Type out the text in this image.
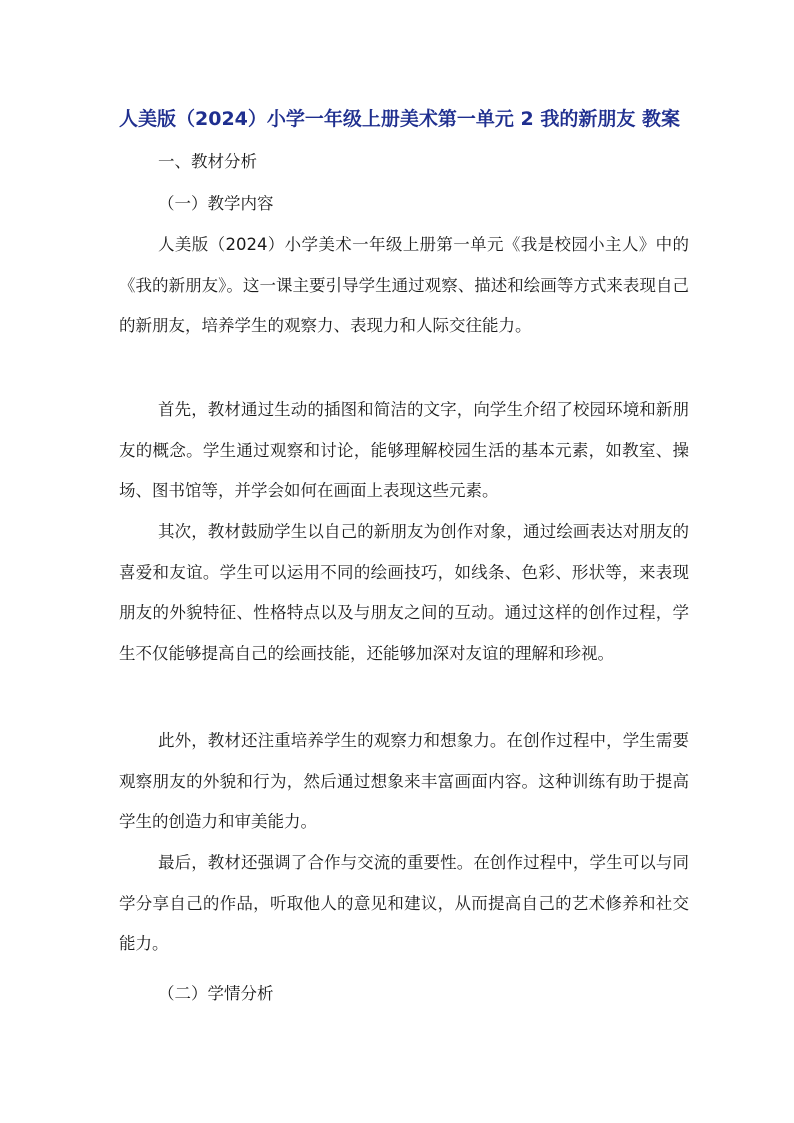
人美版（2024）小学一年级上册美术第一单元 2 我的新朋友 教案
一、教材分析
（一）教学内容

人美版（2024）小学美术一年级上册第一单元《我是校园小主人》中的《我的新朋友》。这一课主要引导学生通过观察、描述和绘画等方式来表现自己的新朋友，培养学生的观察力、表现力和人际交往能力。

首先，教材通过生动的插图和简洁的文字，向学生介绍了校园环境和新朋友的概念。学生通过观察和讨论，能够理解校园生活的基本元素，如教室、操场、图书馆等，并学会如何在画面上表现这些元素。

其次，教材鼓励学生以自己的新朋友为创作对象，通过绘画表达对朋友的喜爱和友谊。学生可以运用不同的绘画技巧，如线条、色彩、形状等，来表现朋友的外貌特征、性格特点以及与朋友之间的互动。通过这样的创作过程，学生不仅能够提高自己的绘画技能，还能够加深对友谊的理解和珍视。

此外，教材还注重培养学生的观察力和想象力。在创作过程中，学生需要观察朋友的外貌和行为，然后通过想象来丰富画面内容。这种训练有助于提高学生的创造力和审美能力。

最后，教材还强调了合作与交流的重要性。在创作过程中，学生可以与同学分享自己的作品，听取他人的意见和建议，从而提高自己的艺术修养和社交能力。

（二）学情分析
